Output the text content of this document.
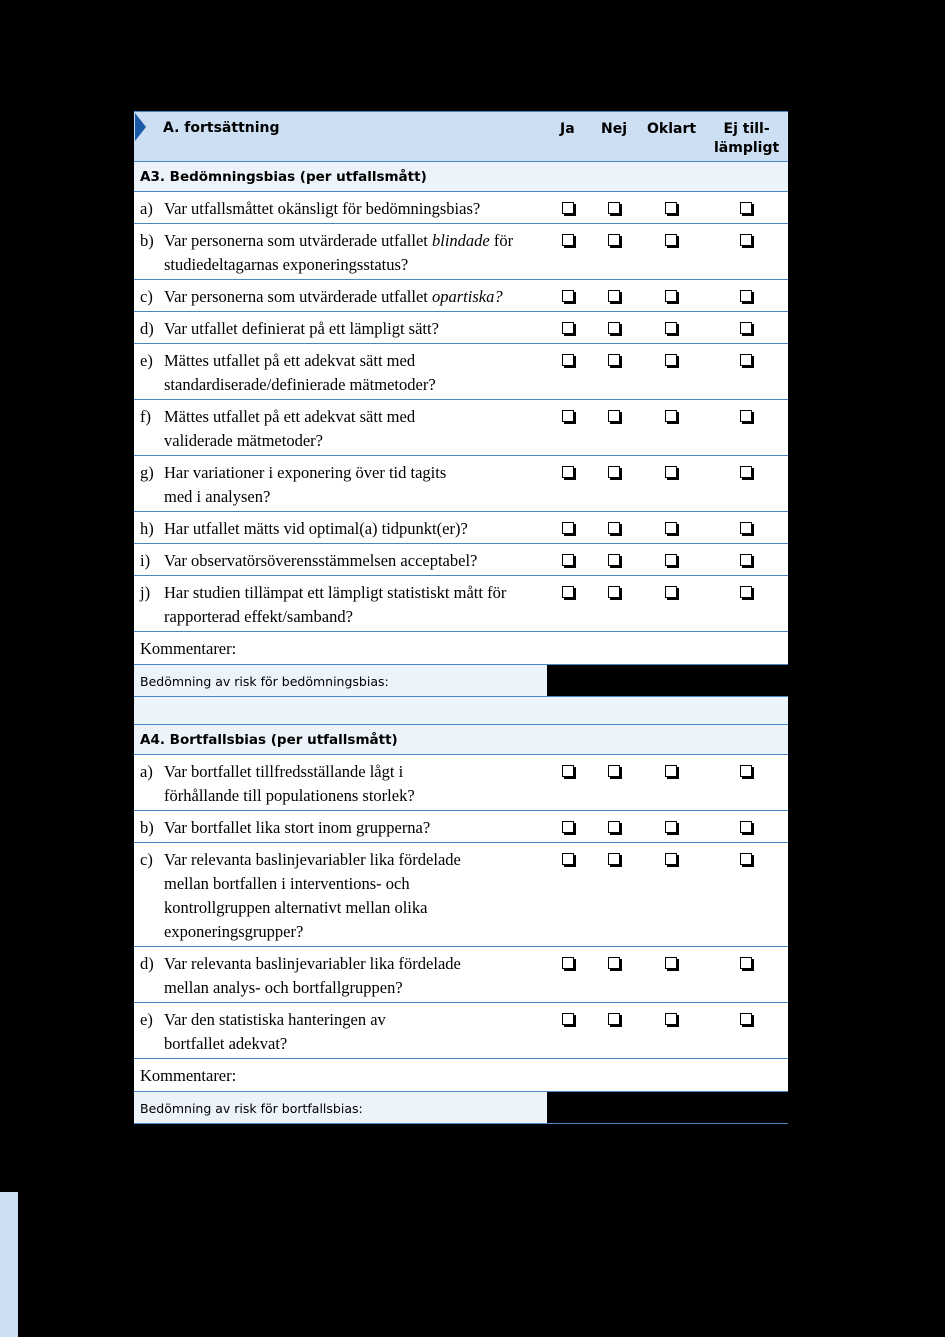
A. fortsättning	Ja Nej Oklart	Ej till-
lämpligt
A3. Bedömningsbias (per utfallsmått)
a) Var utfallsmåttet okänsligt för bedömningsbias?
b) Var personerna som utvärderade utfallet blindade för studiedeltagarnas exponeringsstatus?
c) Var personerna som utvärderade utfallet opartiska?
d) Var utfallet definierat på ett lämpligt sätt?
e) Mättes utfallet på ett adekvat sätt med standardiserade/definierade mätmetoder?
f) Mättes utfallet på ett adekvat sätt med validerade mätmetoder?
g) Har variationer i exponering över tid tagits med i analysen?
h) Har utfallet mätts vid optimal(a) tidpunkt(er)?
i) Var observatörsöverensstämmelsen acceptabel?
j) Har studien tillämpat ett lämpligt statistiskt mått för rapporterad effekt/samband?
Kommentarer:
Bedömning av risk för bedömningsbias:
A4. Bortfallsbias (per utfallsmått)
a) Var bortfallet tillfredsställande lågt i förhållande till populationens storlek?
b) Var bortfallet lika stort inom grupperna?
c) Var relevanta baslinjevariabler lika fördelade mellan bortfallen i interventions- och kontrollgruppen alternativt mellan olika exponeringsgrupper?
d) Var relevanta baslinjevariabler lika fördelade mellan analys- och bortfallgruppen?
e) Var den statistiska hanteringen av bortfallet adekvat?
Kommentarer:
Bedömning av risk för bortfallsbias:
